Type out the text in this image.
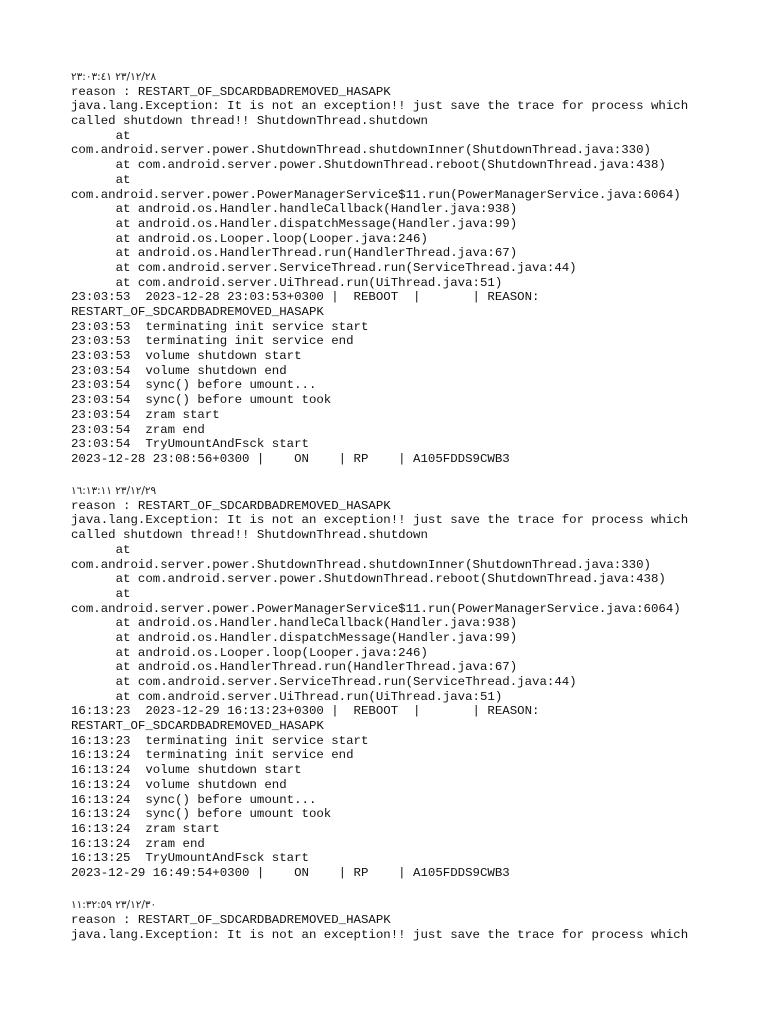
٢٣/١٢/٢٨ ٢٣:٠٣:٤١
reason : RESTART_OF_SDCARDBADREMOVED_HASAPK
java.lang.Exception: It is not an exception!! just save the trace for process which
called shutdown thread!! ShutdownThread.shutdown
at
com.android.server.power.ShutdownThread.shutdownInner(ShutdownThread.java:330)
at com.android.server.power.ShutdownThread.reboot(ShutdownThread.java:438)
at
com.android.server.power.PowerManagerService$11.run(PowerManagerService.java:6064)
at android.os.Handler.handleCallback(Handler.java:938)
at android.os.Handler.dispatchMessage(Handler.java:99)
at android.os.Looper.loop(Looper.java:246)
at android.os.HandlerThread.run(HandlerThread.java:67)
at com.android.server.ServiceThread.run(ServiceThread.java:44)
at com.android.server.UiThread.run(UiThread.java:51)
23:03:53  2023-12-28 23:03:53+0300 |  REBOOT  |       | REASON:
RESTART_OF_SDCARDBADREMOVED_HASAPK
23:03:53  terminating init service start
23:03:53  terminating init service end
23:03:53  volume shutdown start
23:03:54  volume shutdown end
23:03:54  sync() before umount...
23:03:54  sync() before umount took
23:03:54  zram start
23:03:54  zram end
23:03:54  TryUmountAndFsck start
2023-12-28 23:08:56+0300 |    ON    | RP    | A105FDDS9CWB3
٢٣/١٢/٢٩ ١٦:١٣:١١
reason : RESTART_OF_SDCARDBADREMOVED_HASAPK
java.lang.Exception: It is not an exception!! just save the trace for process which
called shutdown thread!! ShutdownThread.shutdown
at
com.android.server.power.ShutdownThread.shutdownInner(ShutdownThread.java:330)
at com.android.server.power.ShutdownThread.reboot(ShutdownThread.java:438)
at
com.android.server.power.PowerManagerService$11.run(PowerManagerService.java:6064)
at android.os.Handler.handleCallback(Handler.java:938)
at android.os.Handler.dispatchMessage(Handler.java:99)
at android.os.Looper.loop(Looper.java:246)
at android.os.HandlerThread.run(HandlerThread.java:67)
at com.android.server.ServiceThread.run(ServiceThread.java:44)
at com.android.server.UiThread.run(UiThread.java:51)
16:13:23  2023-12-29 16:13:23+0300 |  REBOOT  |       | REASON:
RESTART_OF_SDCARDBADREMOVED_HASAPK
16:13:23  terminating init service start
16:13:24  terminating init service end
16:13:24  volume shutdown start
16:13:24  volume shutdown end
16:13:24  sync() before umount...
16:13:24  sync() before umount took
16:13:24  zram start
16:13:24  zram end
16:13:25  TryUmountAndFsck start
2023-12-29 16:49:54+0300 |    ON    | RP    | A105FDDS9CWB3
٢٣/١٢/٣٠ ١١:٣٢:٥٩
reason : RESTART_OF_SDCARDBADREMOVED_HASAPK
java.lang.Exception: It is not an exception!! just save the trace for process which
